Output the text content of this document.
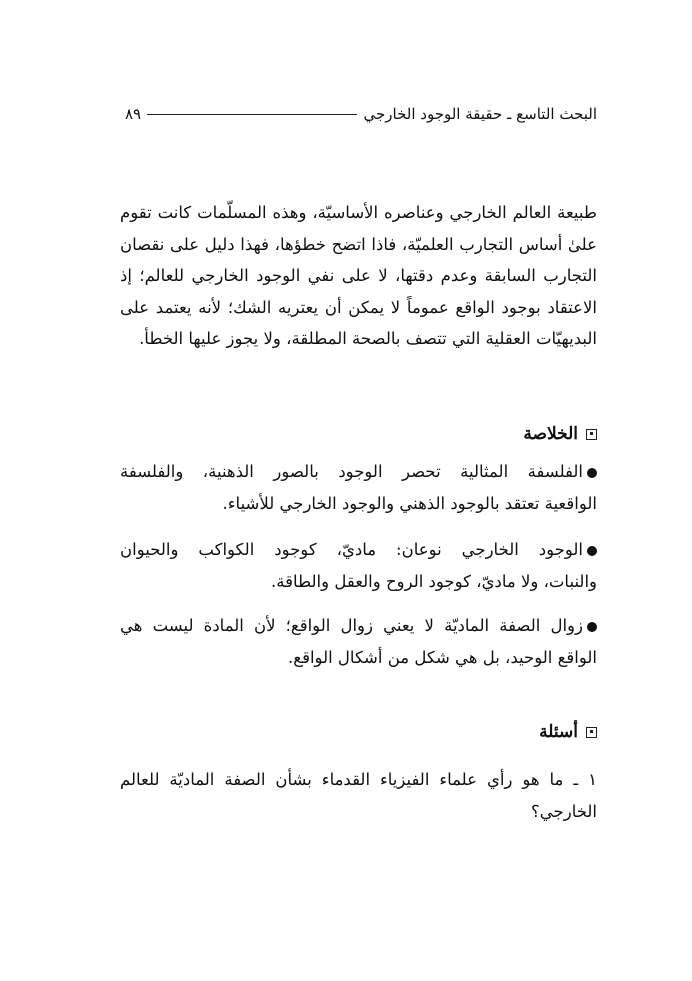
البحث التاسع ـ حقيقة الوجود الخارجي
٨٩
طبيعة العالم الخارجي وعناصره الأساسيّة، وهذه المسلّمات كانت تقوم
علىٰ أساس التجارب العلميّة، فاذا اتضح خطؤها، فهذا دليل على نقصان
التجارب السابقة وعدم دقتها، لا على نفي الوجود الخارجي للعالم؛ إذ
الاعتقاد بوجود الواقع عموماً لا يمكن أن يعتريه الشك؛ لأنه يعتمد على
البديهيّات العقلية التي تتصف بالصحة المطلقة، ولا يجوز عليها الخطأ.
الخلاصة
الفلسفة المثالية تحصر الوجود بالصور الذهنية، والفلسفة
الواقعية تعتقد بالوجود الذهني والوجود الخارجي للأشياء.
الوجود الخارجي نوعان: ماديّ، كوجود الكواكب والحيوان
والنبات، ولا ماديّ، كوجود الروح والعقل والطاقة.
زوال الصفة الماديّة لا يعني زوال الواقع؛ لأن المادة ليست هي
الواقع الوحيد، بل هي شكل من أشكال الواقع.
أسئلة
١ ـ ما هو رأي علماء الفيزياء القدماء بشأن الصفة الماديّة للعالم
الخارجي؟
